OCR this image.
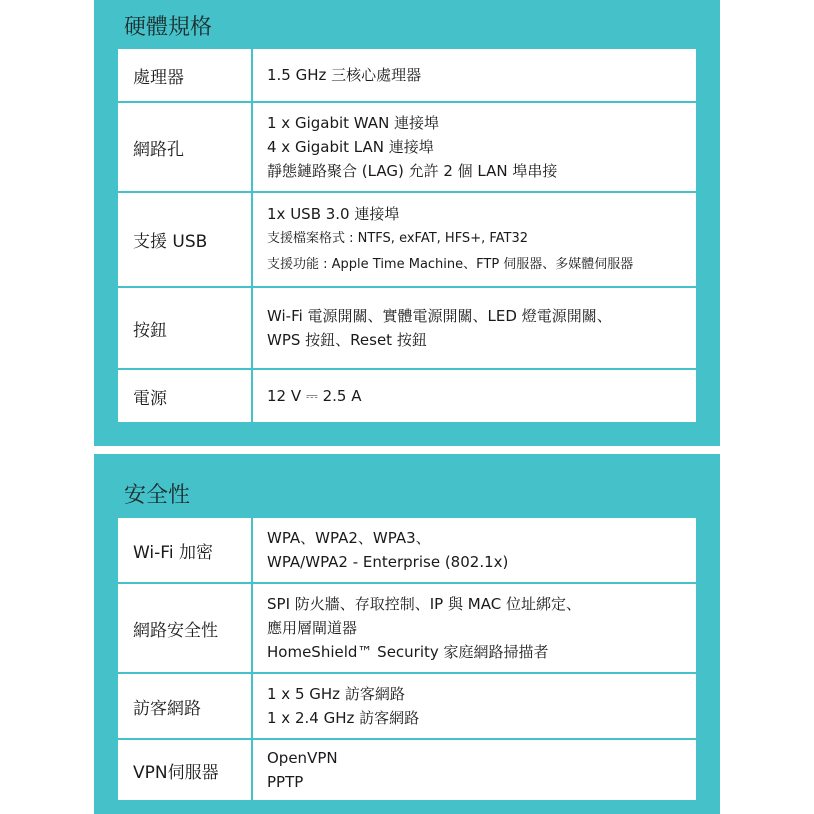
硬體規格
處理器	1.5 GHz 三核心處理器

網路孔	1 x Gigabit WAN 連接埠
4 x Gigabit LAN 連接埠
靜態鏈路聚合 (LAG) 允許 2 個 LAN 埠串接

支援 USB	1x USB 3.0 連接埠
支援檔案格式 : NTFS, exFAT, HFS+, FAT32
支援功能 : Apple Time Machine、FTP 伺服器、多媒體伺服器

按鈕	Wi-Fi 電源開關、實體電源開關、LED 燈電源開關、
WPS 按鈕、Reset 按鈕

電源	12 V ⎓ 2.5 A
安全性
Wi-Fi 加密	WPA、WPA2、WPA3、
WPA/WPA2 - Enterprise (802.1x)

網路安全性	SPI 防火牆、存取控制、IP 與 MAC 位址綁定、
應用層閘道器
HomeShield™ Security 家庭網路掃描者

訪客網路	1 x 5 GHz 訪客網路
1 x 2.4 GHz 訪客網路

VPN伺服器	OpenVPN
PPTP
